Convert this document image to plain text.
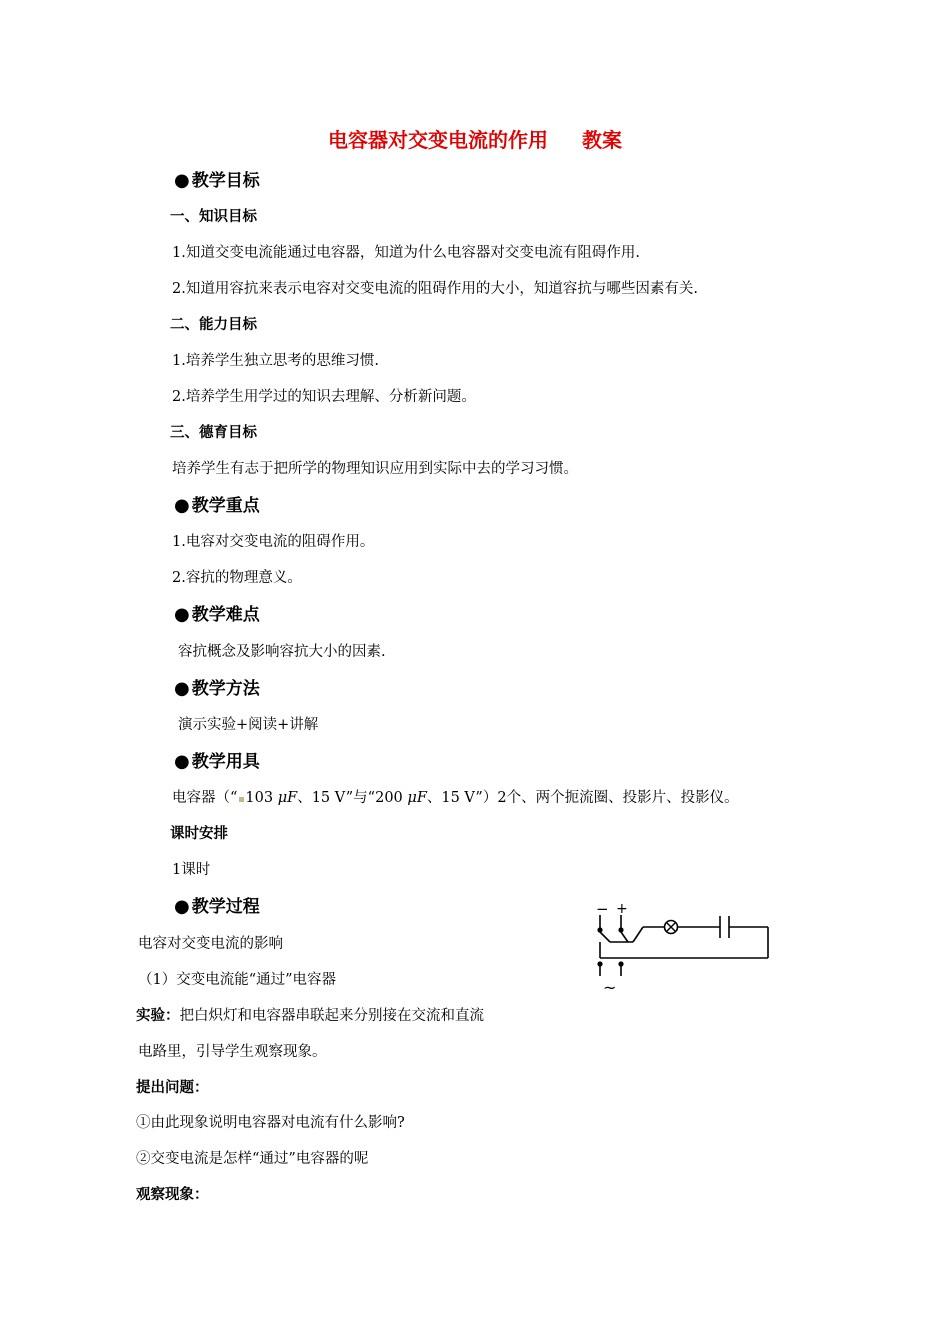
电容器对交变电流的作用 教案
● 教学目标
一、知识目标
1.知道交变电流能通过电容器，知道为什么电容器对交变电流有阻碍作用.
2.知道用容抗来表示电容对交变电流的阻碍作用的大小，知道容抗与哪些因素有关.
二、能力目标
1.培养学生独立思考的思维习惯.
2.培养学生用学过的知识去理解、分析新问题。
三、德育目标
培养学生有志于把所学的物理知识应用到实际中去的学习习惯。
● 教学重点
1.电容对交变电流的阻碍作用。
2.容抗的物理意义。
● 教学难点
容抗概念及影响容抗大小的因素.
● 教学方法
演示实验+阅读+讲解
● 教学用具
电容器（“ 103 μF、15 V”与“200 μF、15 V”）2个、两个扼流圈、投影片、投影仪。
课时安排
1课时
● 教学过程
电容对交变电流的影响
（1）交变电流能“通过”电容器
实验：把白炽灯和电容器串联起来分别接在交流和直流
电路里，引导学生观察现象。
提出问题：
①由此现象说明电容器对电流有什么影响?
②交变电流是怎样“通过”电容器的呢
观察现象：
− +
~
